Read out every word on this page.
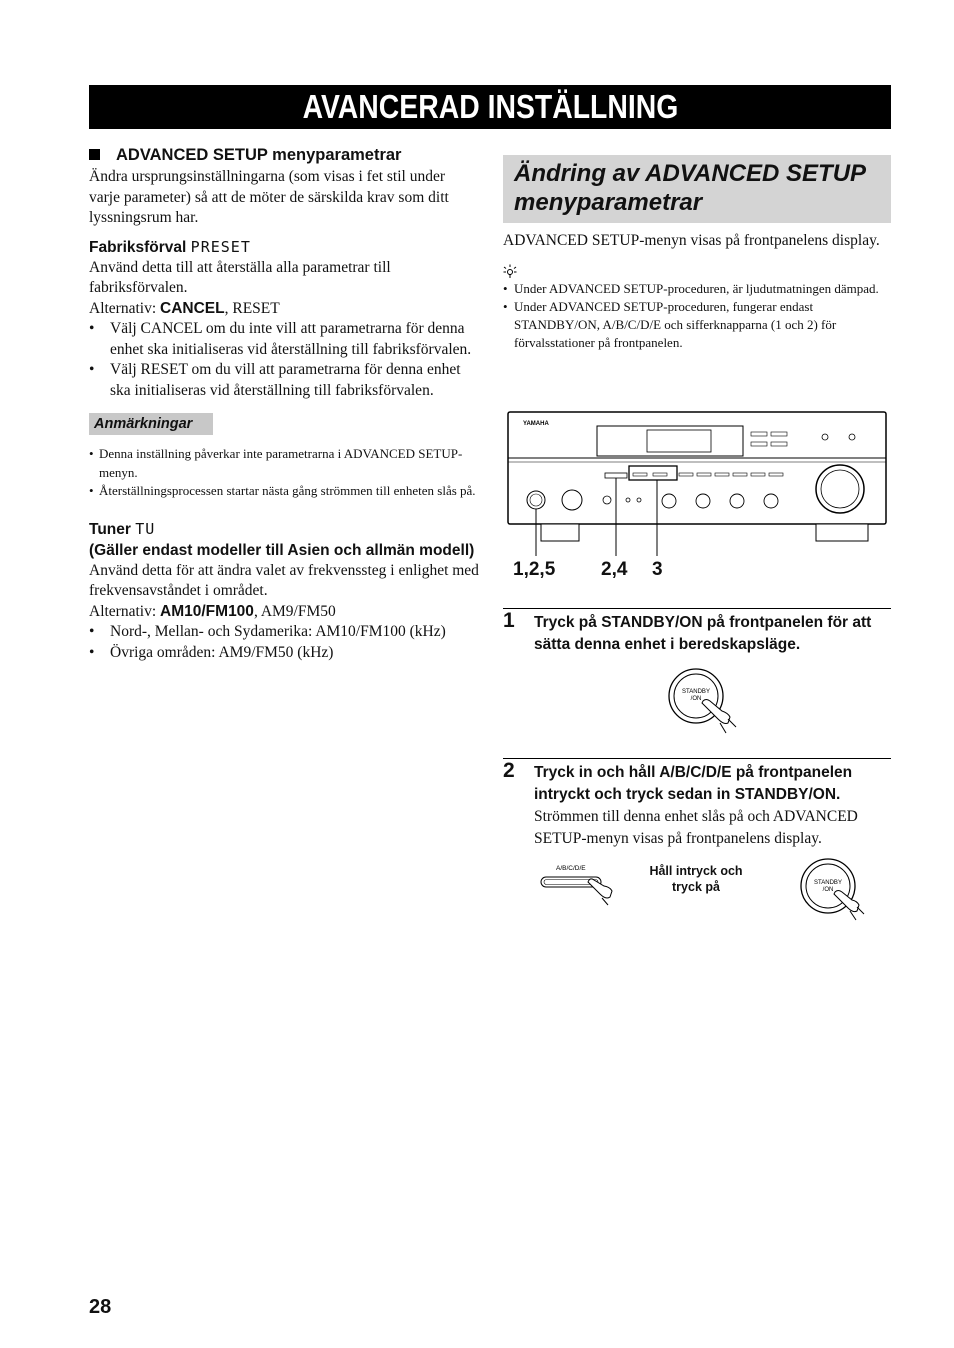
AVANCERAD INSTÄLLNING
ADVANCED SETUP menyparametrar
Ändra ursprungsinställningarna (som visas i fet stil under varje parameter) så att de möter de särskilda krav som ditt lyssningsrum har.
Fabriksförval PRESET
Använd detta till att återställa alla parametrar till fabriksförvalen.
Alternativ: CANCEL, RESET
• Välj CANCEL om du inte vill att parametrarna för denna enhet ska initialiseras vid återställning till fabriksförvalen.
• Välj RESET om du vill att parametrarna för denna enhet ska initialiseras vid återställning till fabriksförvalen.
Anmärkningar
• Denna inställning påverkar inte parametrarna i ADVANCED SETUP-menyn.
• Återställningsprocessen startar nästa gång strömmen till enheten slås på.
Tuner TU
(Gäller endast modeller till Asien och allmän modell)
Använd detta för att ändra valet av frekvenssteg i enlighet med frekvensavståndet i området.
Alternativ: AM10/FM100, AM9/FM50
• Nord-, Mellan- och Sydamerika: AM10/FM100 (kHz)
• Övriga områden: AM9/FM50 (kHz)
Ändring av ADVANCED SETUP menyparametrar
ADVANCED SETUP-menyn visas på frontpanelens display.
• Under ADVANCED SETUP-proceduren, är ljudutmatningen dämpad.
• Under ADVANCED SETUP-proceduren, fungerar endast STANDBY/ON, A/B/C/D/E och sifferknapparna (1 och 2) för förvalsstationer på frontpanelen.
YAMAHA
1,2,5 2,4 3
1 Tryck på STANDBY/ON på frontpanelen för att sätta denna enhet i beredskapsläge.
STANDBY
/ON
2 Tryck in och håll A/B/C/D/E på frontpanelen intryckt och tryck sedan in STANDBY/ON.
Strömmen till denna enhet slås på och ADVANCED SETUP-menyn visas på frontpanelens display.
A/B/C/D/E	Håll intryck och tryck på	STANDBY
/ON
28
